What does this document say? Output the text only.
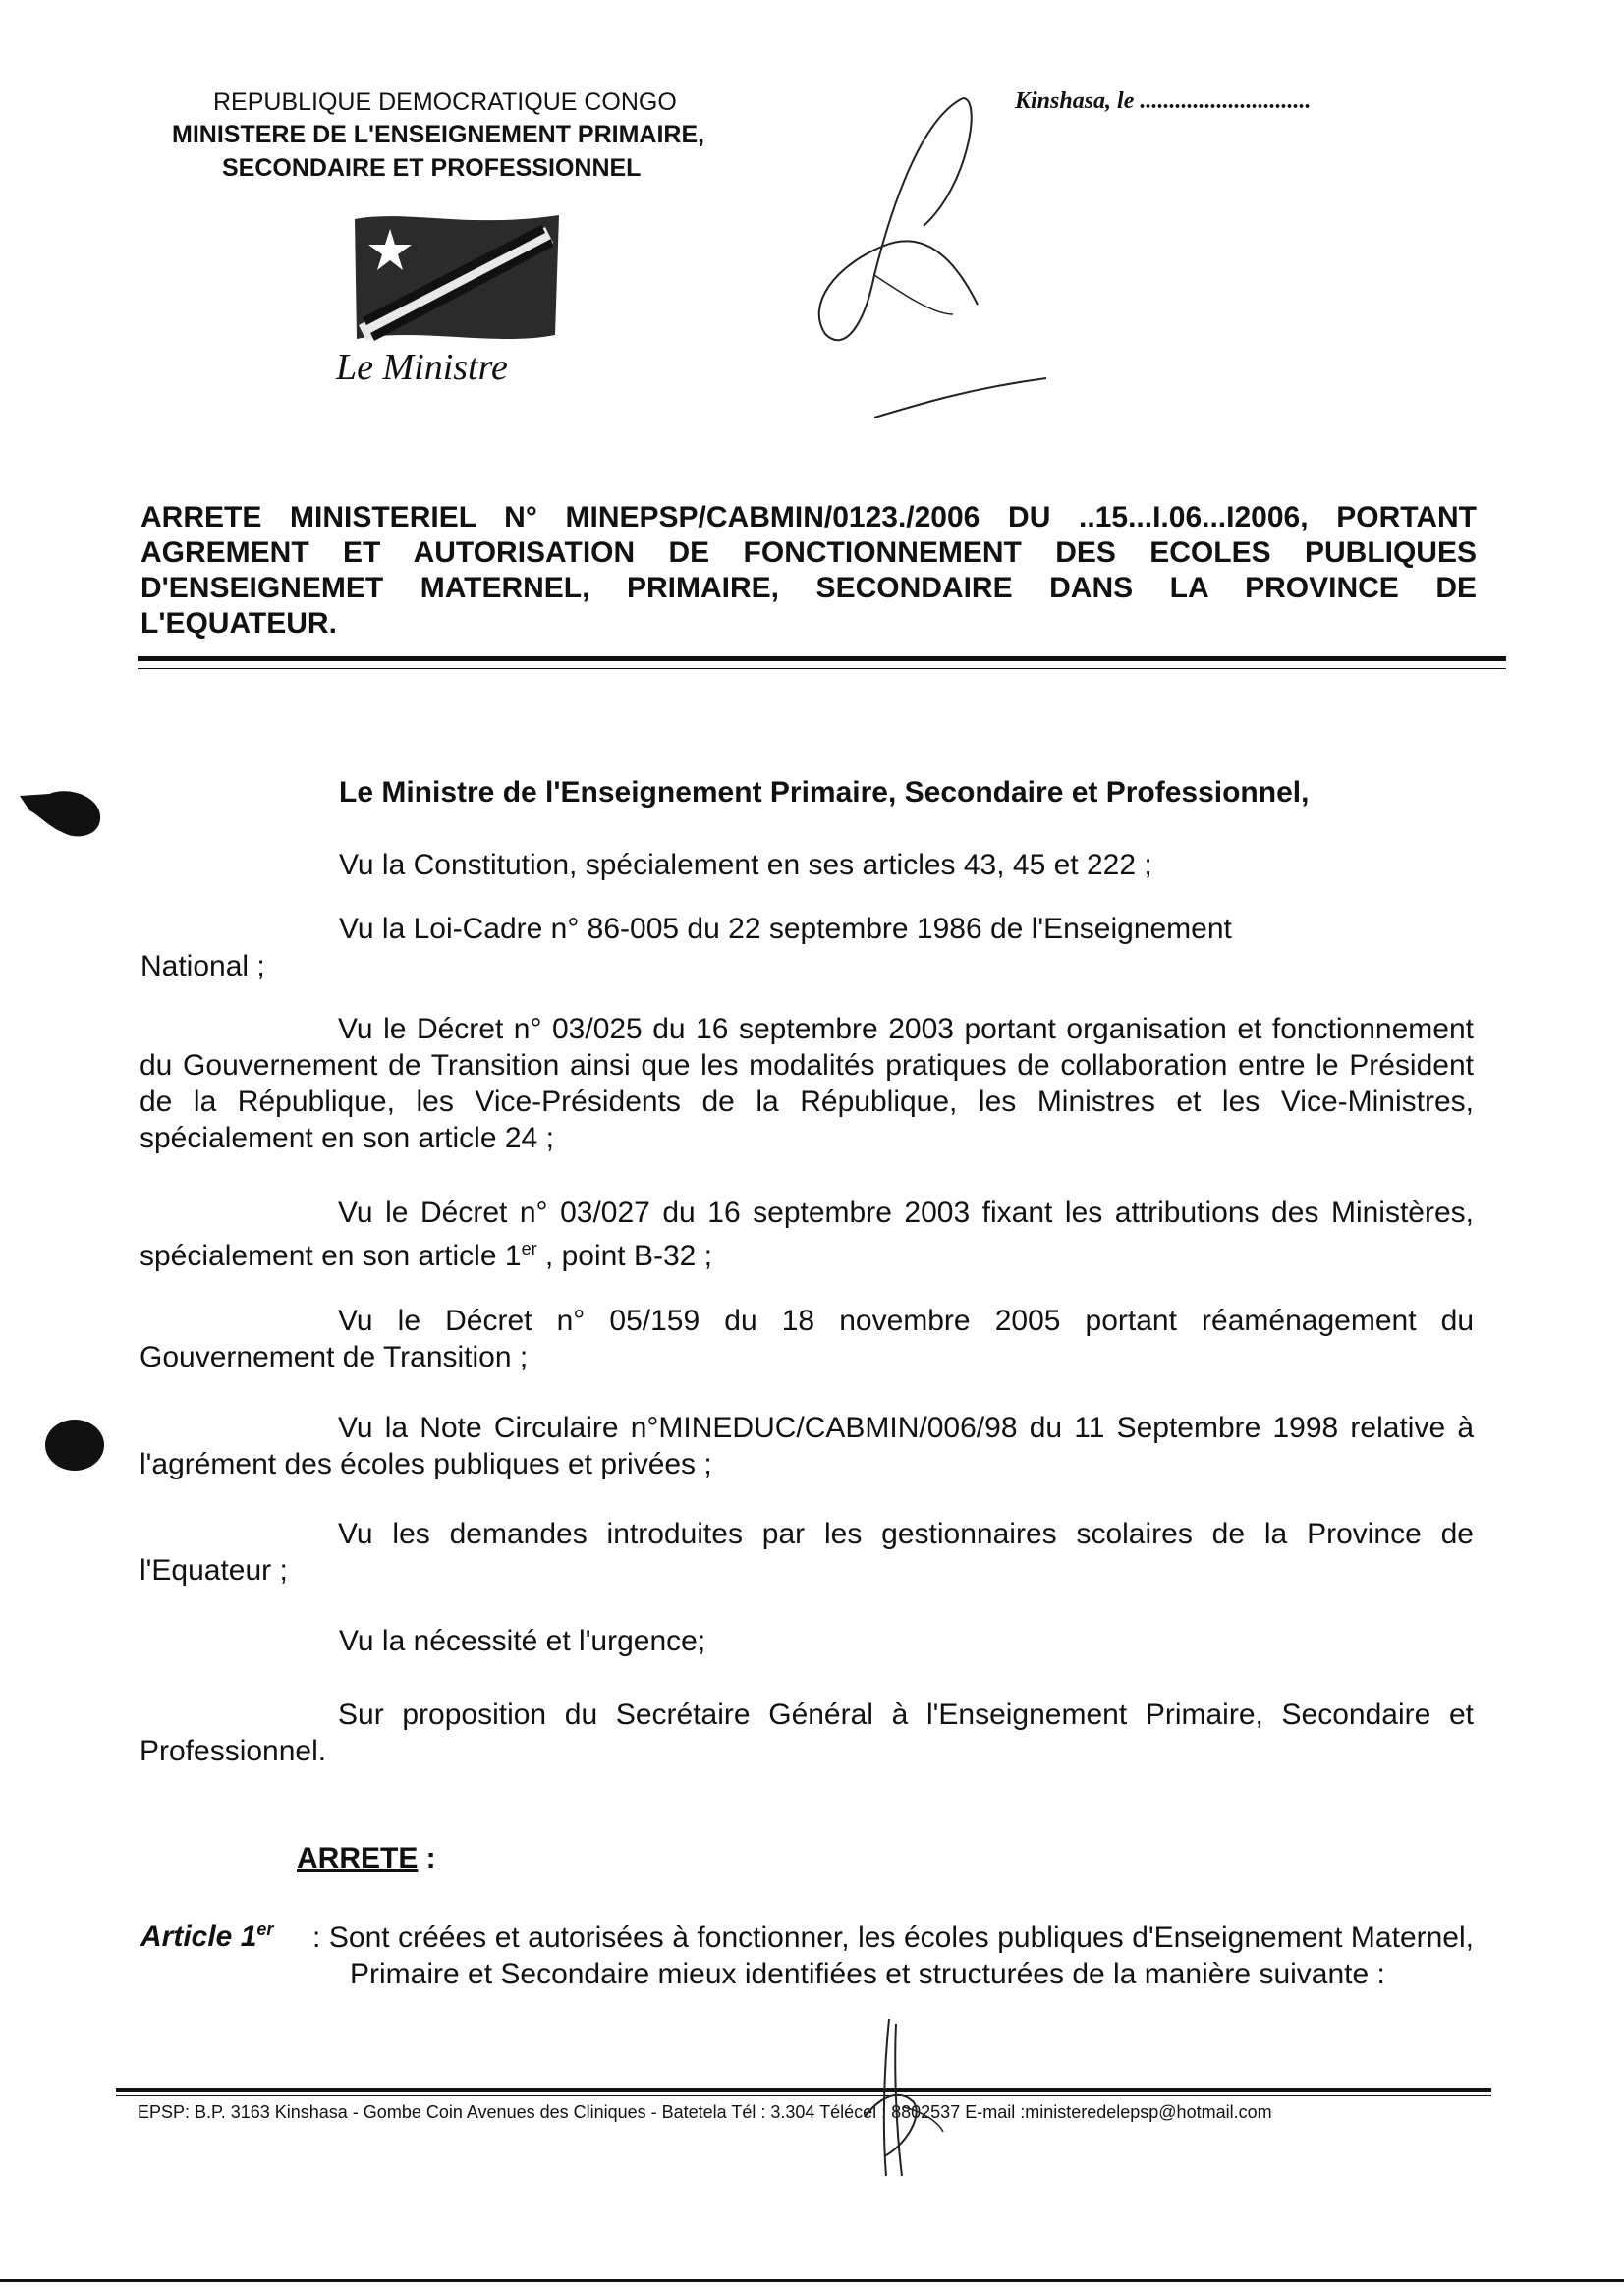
REPUBLIQUE DEMOCRATIQUE CONGO
MINISTERE DE L'ENSEIGNEMENT PRIMAIRE,
SECONDAIRE ET PROFESSIONNEL
Kinshasa, le .............................
Le Ministre
ARRETE MINISTERIEL N° MINEPSP/CABMIN/0123./2006 DU ..15...I.06...I2006, PORTANT AGREMENT ET AUTORISATION DE FONCTIONNEMENT DES ECOLES PUBLIQUES D'ENSEIGNEMET MATERNEL, PRIMAIRE, SECONDAIRE DANS LA PROVINCE DE L'EQUATEUR.
Le Ministre de l'Enseignement Primaire, Secondaire et Professionnel,
Vu la Constitution, spécialement en ses articles 43, 45 et 222 ;
Vu la Loi-Cadre n° 86-005 du 22 septembre 1986 de l'Enseignement
National ;
Vu le Décret n° 03/025 du 16 septembre 2003 portant organisation et fonctionnement du Gouvernement de Transition ainsi que les modalités pratiques de collaboration entre le Président de la République, les Vice-Présidents de la République, les Ministres et les Vice-Ministres, spécialement en son article 24 ;
Vu le Décret n° 03/027 du 16 septembre 2003 fixant les attributions des Ministères, spécialement en son article 1er , point B-32 ;
Vu le Décret n° 05/159 du 18 novembre 2005 portant réaménagement du Gouvernement de Transition ;
Vu la Note Circulaire n°MINEDUC/CABMIN/006/98 du 11 Septembre 1998 relative à l'agrément des écoles publiques et privées ;
Vu les demandes introduites par les gestionnaires scolaires de la Province de l'Equateur ;
Vu la nécessité et l'urgence;
Sur proposition du Secrétaire Général à l'Enseignement Primaire, Secondaire et Professionnel.
ARRETE :
Article 1er : Sont créées et autorisées à fonctionner, les écoles publiques d'Enseignement Maternel, Primaire et Secondaire mieux identifiées et structurées de la manière suivante :
EPSP: B.P. 3163 Kinshasa - Gombe Coin Avenues des Cliniques - Batetela Tél : 3.304 Télécel : 8802537 E-mail :ministeredelepsp@hotmail.com
